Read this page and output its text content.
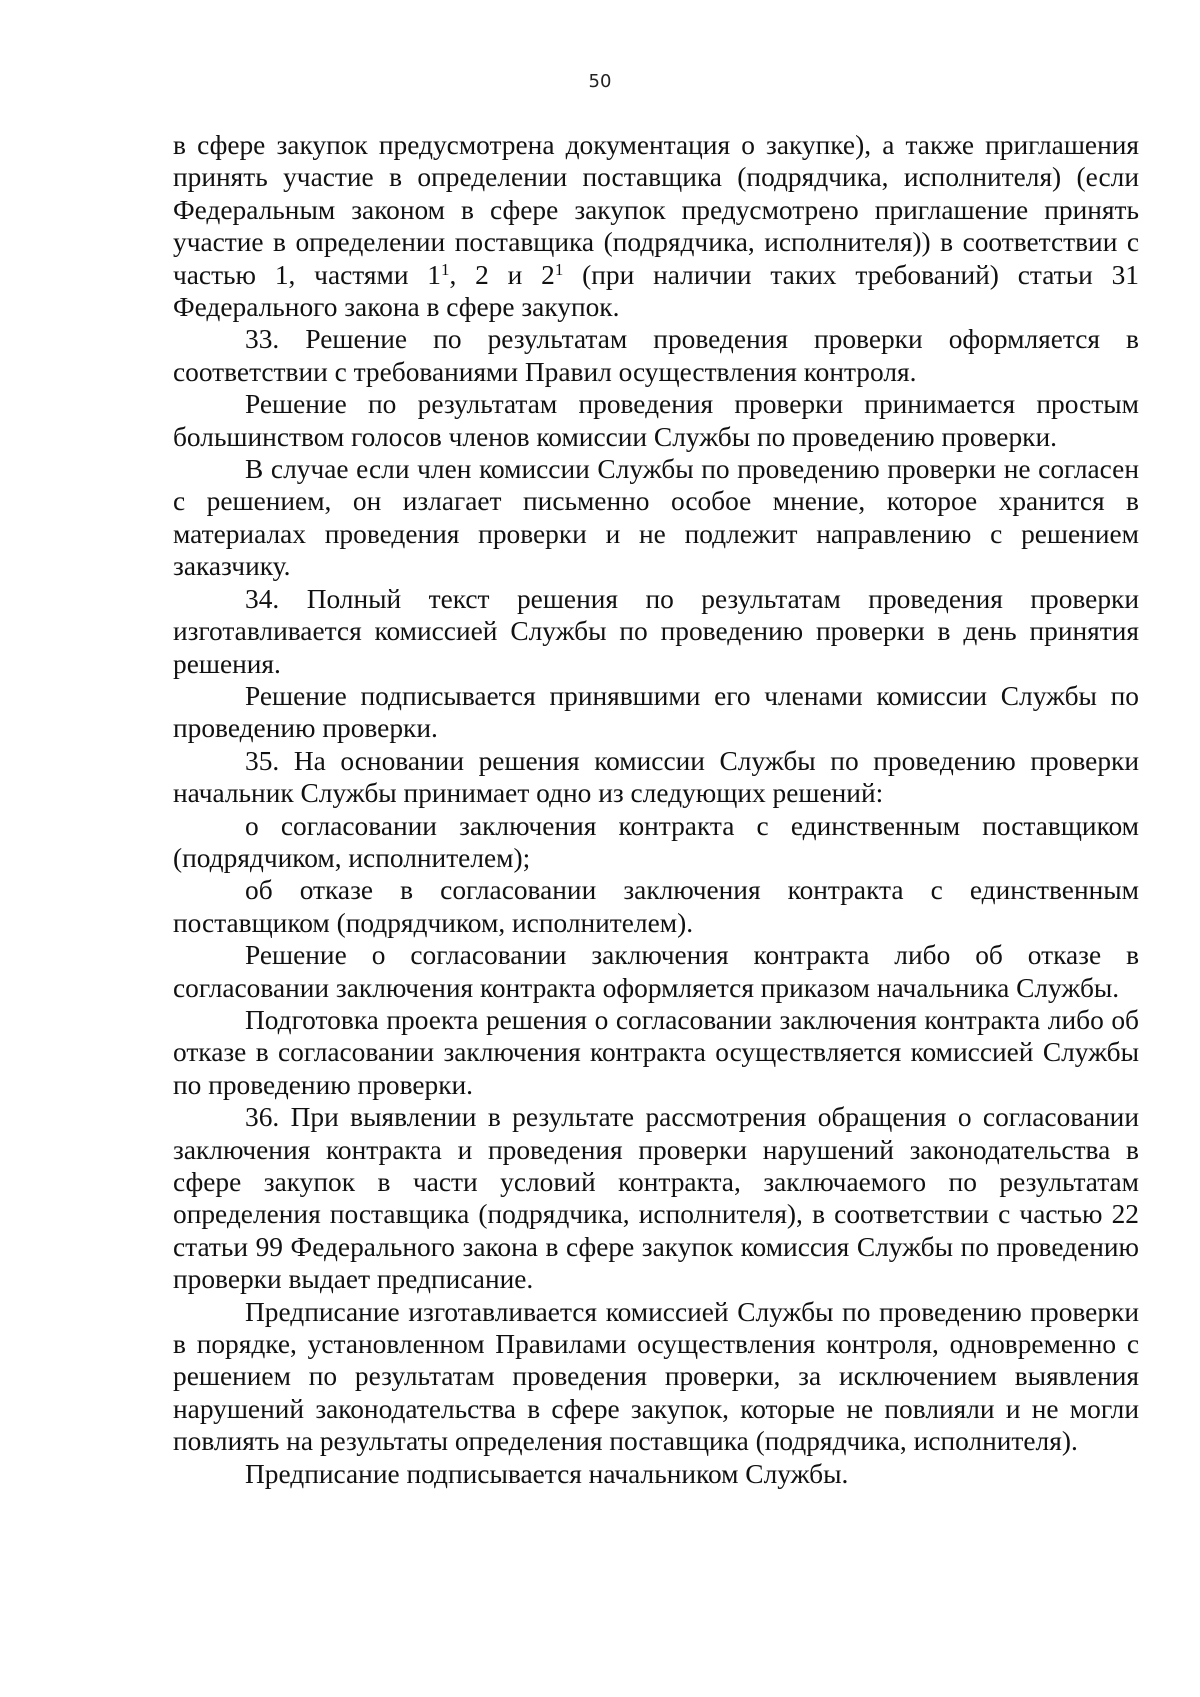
50

в сфере закупок предусмотрена документация о закупке), а также приглашения принять участие в определении поставщика (подрядчика, исполнителя) (если Федеральным законом в сфере закупок предусмотрено приглашение принять участие в определении поставщика (подрядчика, исполнителя)) в соответствии с частью 1, частями $1^1$, 2 и $2^1$ (при наличии таких требований) статьи 31 Федерального закона в сфере закупок.

33. Решение по результатам проведения проверки оформляется в соответствии с требованиями Правил осуществления контроля.

Решение по результатам проведения проверки принимается простым большинством голосов членов комиссии Службы по проведению проверки.

В случае если член комиссии Службы по проведению проверки не согласен с решением, он излагает письменно особое мнение, которое хранится в материалах проведения проверки и не подлежит направлению с решением заказчику.

34. Полный текст решения по результатам проведения проверки изготавливается комиссией Службы по проведению проверки в день принятия решения.

Решение подписывается принявшими его членами комиссии Службы по проведению проверки.

35. На основании решения комиссии Службы по проведению проверки начальник Службы принимает одно из следующих решений:

о согласовании заключения контракта с единственным поставщиком (подрядчиком, исполнителем);

об отказе в согласовании заключения контракта с единственным поставщиком (подрядчиком, исполнителем).

Решение о согласовании заключения контракта либо об отказе в согласовании заключения контракта оформляется приказом начальника Службы.

Подготовка проекта решения о согласовании заключения контракта либо об отказе в согласовании заключения контракта осуществляется комиссией Службы по проведению проверки.

36. При выявлении в результате рассмотрения обращения о согласовании заключения контракта и проведения проверки нарушений законодательства в сфере закупок в части условий контракта, заключаемого по результатам определения поставщика (подрядчика, исполнителя), в соответствии с частью 22 статьи 99 Федерального закона в сфере закупок комиссия Службы по проведению проверки выдает предписание.

Предписание изготавливается комиссией Службы по проведению проверки в порядке, установленном Правилами осуществления контроля, одновременно с решением по результатам проведения проверки, за исключением выявления нарушений законодательства в сфере закупок, которые не повлияли и не могли повлиять на результаты определения поставщика (подрядчика, исполнителя).

Предписание подписывается начальником Службы.
